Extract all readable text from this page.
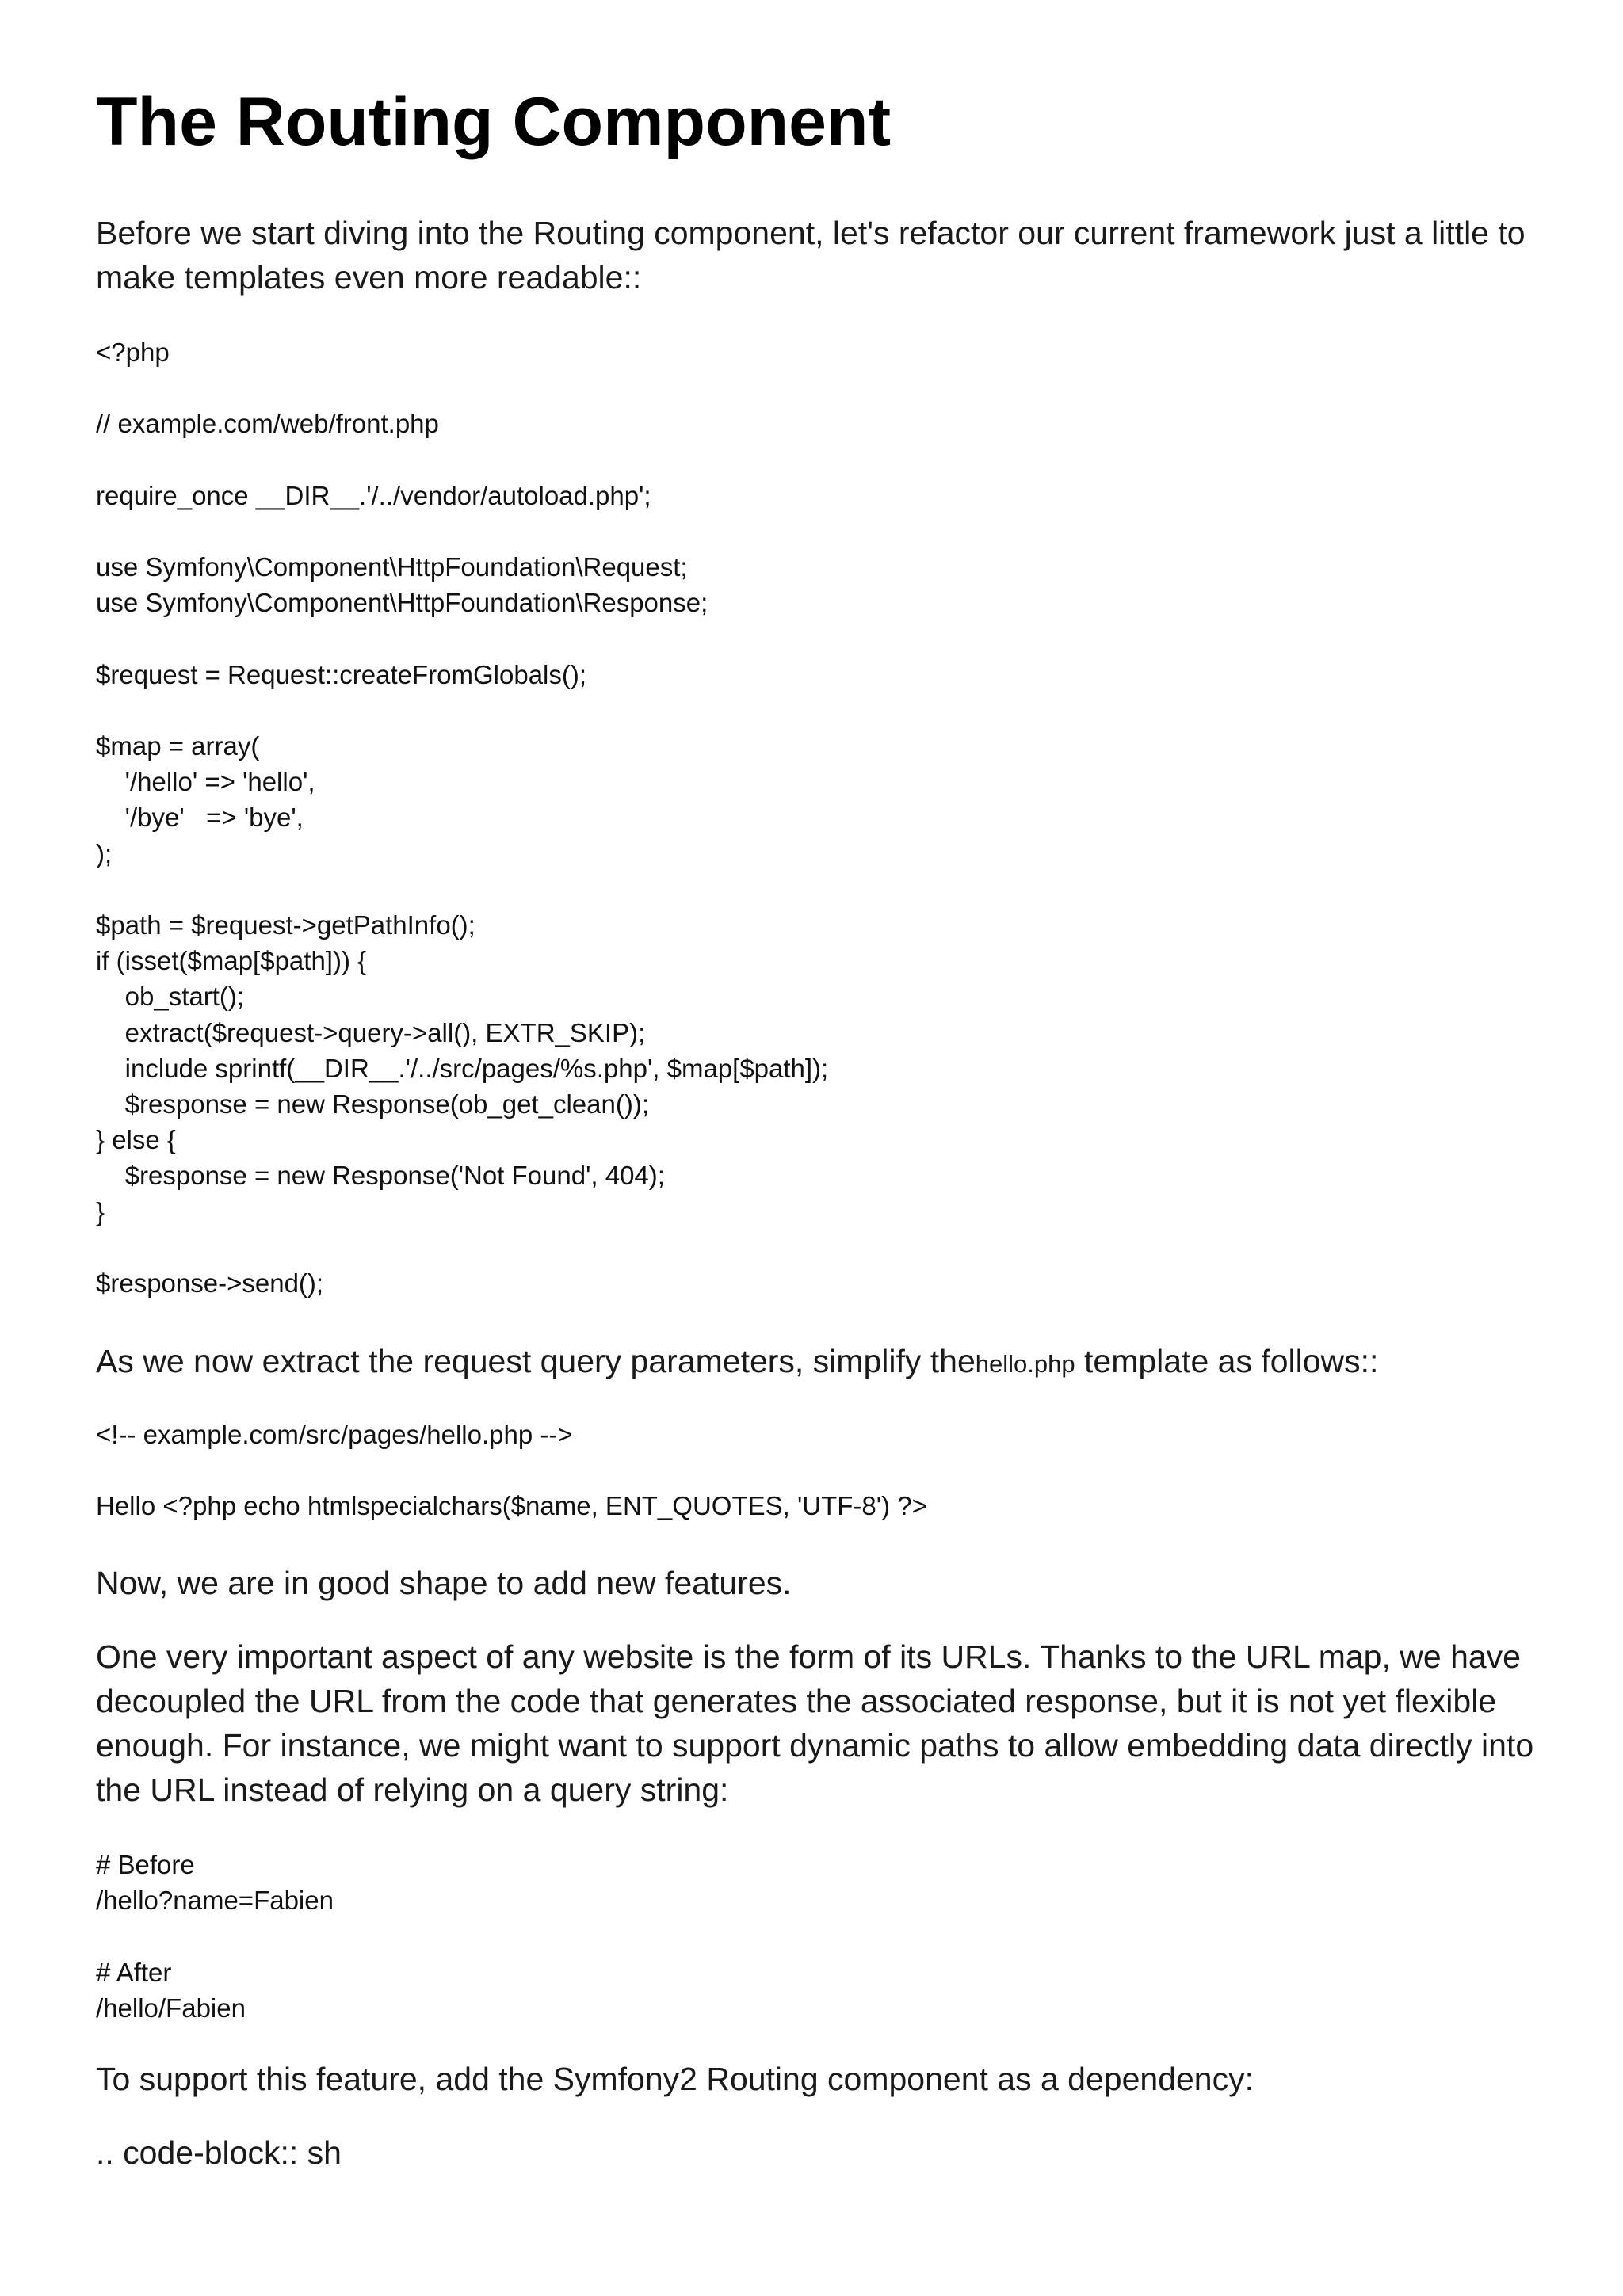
The Routing Component

Before we start diving into the Routing component, let's refactor our current framework just a little to make templates even more readable::

<?php

// example.com/web/front.php

require_once __DIR__.'/../vendor/autoload.php';

use Symfony\Component\HttpFoundation\Request;
use Symfony\Component\HttpFoundation\Response;

$request = Request::createFromGlobals();

$map = array(
'/hello' => 'hello',
'/bye'   => 'bye',
);

$path = $request->getPathInfo();
if (isset($map[$path])) {
ob_start();
extract($request->query->all(), EXTR_SKIP);
include sprintf(__DIR__.'/../src/pages/%s.php', $map[$path]);
$response = new Response(ob_get_clean());
} else {
$response = new Response('Not Found', 404);
}

$response->send();

As we now extract the request query parameters, simplify thehello.php template as follows::

<!-- example.com/src/pages/hello.php -->

Hello <?php echo htmlspecialchars($name, ENT_QUOTES, 'UTF-8') ?>

Now, we are in good shape to add new features.

One very important aspect of any website is the form of its URLs. Thanks to the URL map, we have decoupled the URL from the code that generates the associated response, but it is not yet flexible enough. For instance, we might want to support dynamic paths to allow embedding data directly into the URL instead of relying on a query string:

# Before
/hello?name=Fabien

# After
/hello/Fabien

To support this feature, add the Symfony2 Routing component as a dependency:

.. code-block:: sh
